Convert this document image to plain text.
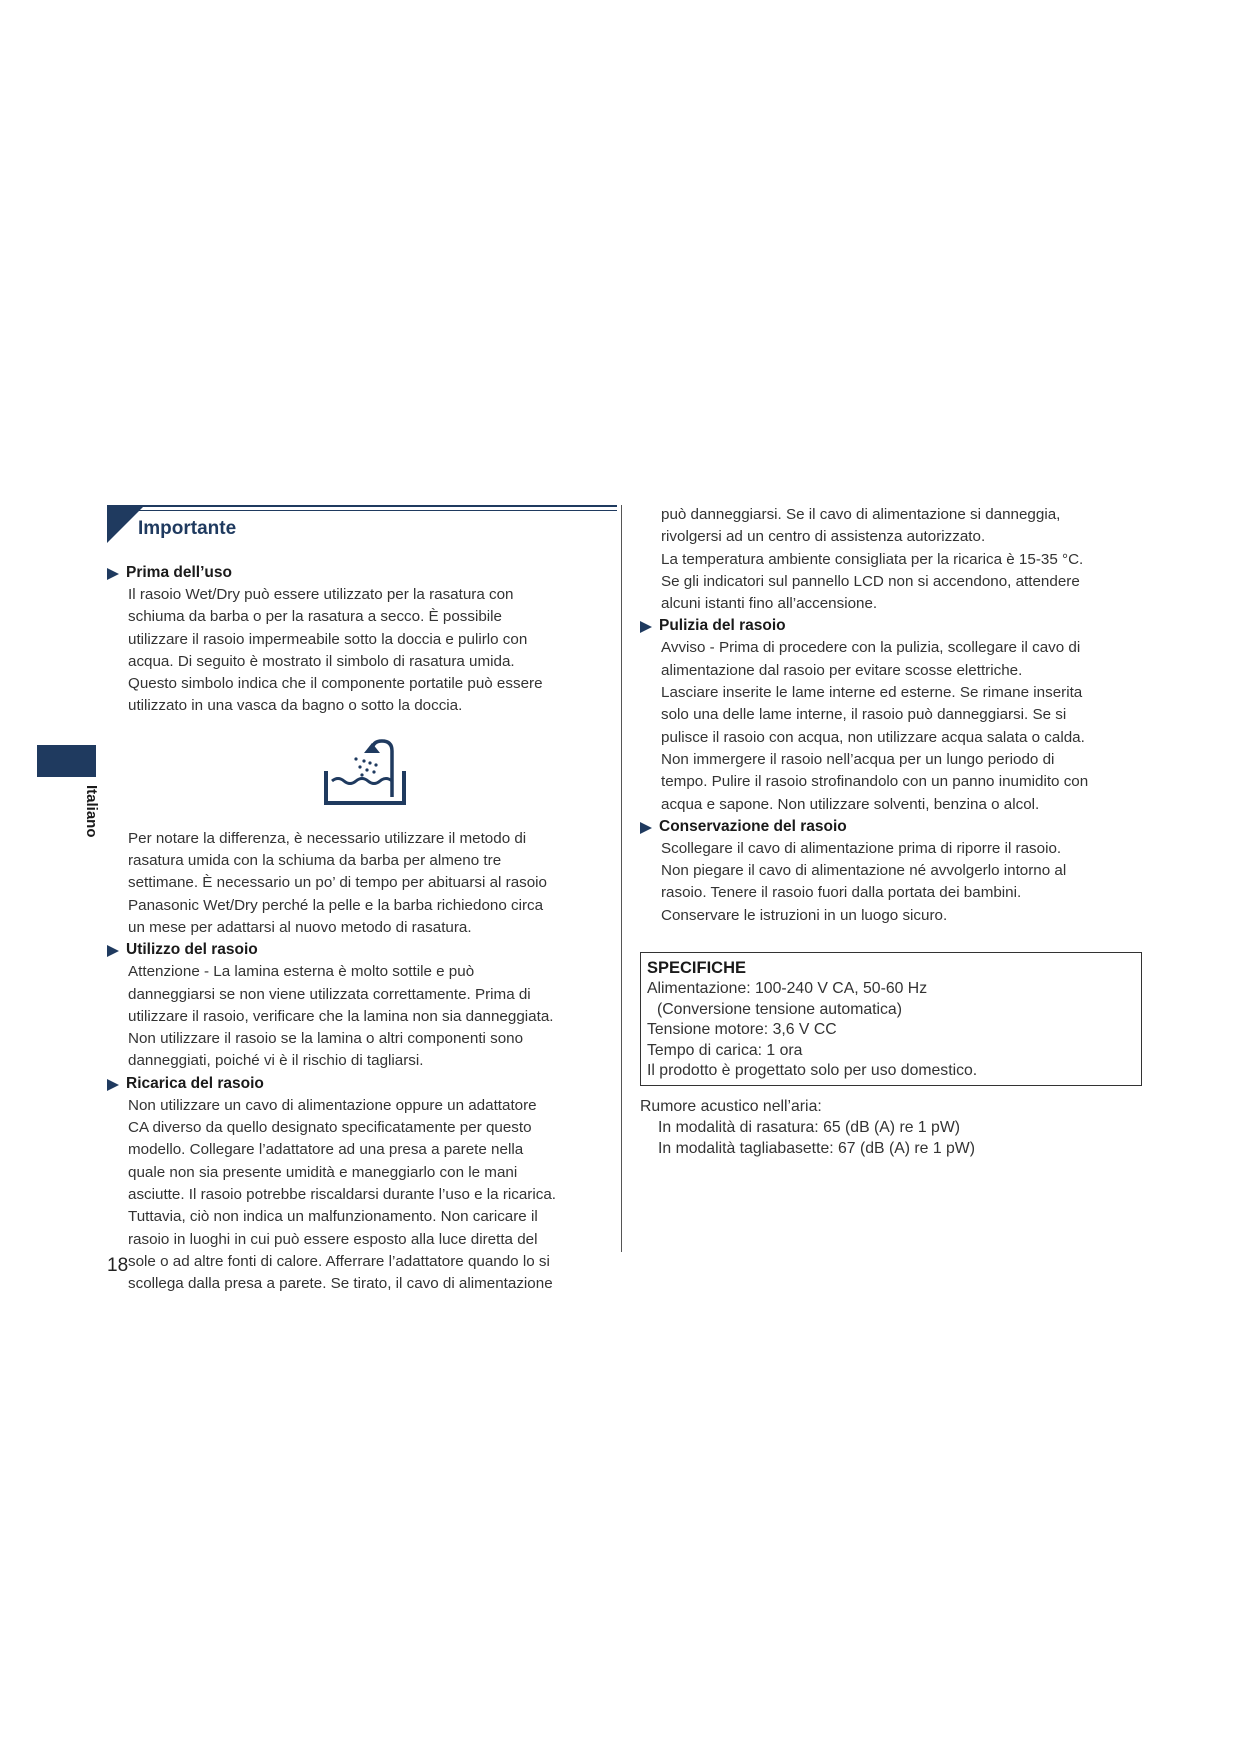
Italiano
Importante
Prima dell’uso
Il rasoio Wet/Dry può essere utilizzato per la rasatura con
schiuma da barba o per la rasatura a secco. È possibile
utilizzare il rasoio impermeabile sotto la doccia e pulirlo con
acqua. Di seguito è mostrato il simbolo di rasatura umida.
Questo simbolo indica che il componente portatile può essere
utilizzato in una vasca da bagno o sotto la doccia.
Per notare la differenza, è necessario utilizzare il metodo di
rasatura umida con la schiuma da barba per almeno tre
settimane. È necessario un po’ di tempo per abituarsi al rasoio
Panasonic Wet/Dry perché la pelle e la barba richiedono circa
un mese per adattarsi al nuovo metodo di rasatura.
Utilizzo del rasoio
Attenzione - La lamina esterna è molto sottile e può
danneggiarsi se non viene utilizzata correttamente. Prima di
utilizzare il rasoio, verificare che la lamina non sia danneggiata.
Non utilizzare il rasoio se la lamina o altri componenti sono
danneggiati, poiché vi è il rischio di tagliarsi.
Ricarica del rasoio
Non utilizzare un cavo di alimentazione oppure un adattatore
CA diverso da quello designato specificatamente per questo
modello. Collegare l’adattatore ad una presa a parete nella
quale non sia presente umidità e maneggiarlo con le mani
asciutte. Il rasoio potrebbe riscaldarsi durante l’uso e la ricarica.
Tuttavia, ciò non indica un malfunzionamento. Non caricare il
rasoio in luoghi in cui può essere esposto alla luce diretta del
sole o ad altre fonti di calore. Afferrare l’adattatore quando lo si
scollega dalla presa a parete. Se tirato, il cavo di alimentazione
può danneggiarsi. Se il cavo di alimentazione si danneggia,
rivolgersi ad un centro di assistenza autorizzato.
La temperatura ambiente consigliata per la ricarica è 15-35 °C.
Se gli indicatori sul pannello LCD non si accendono, attendere
alcuni istanti fino all’accensione.
Pulizia del rasoio
Avviso - Prima di procedere con la pulizia, scollegare il cavo di
alimentazione dal rasoio per evitare scosse elettriche.
Lasciare inserite le lame interne ed esterne. Se rimane inserita
solo una delle lame interne, il rasoio può danneggiarsi. Se si
pulisce il rasoio con acqua, non utilizzare acqua salata o calda.
Non immergere il rasoio nell’acqua per un lungo periodo di
tempo. Pulire il rasoio strofinandolo con un panno inumidito con
acqua e sapone. Non utilizzare solventi, benzina o alcol.
Conservazione del rasoio
Scollegare il cavo di alimentazione prima di riporre il rasoio.
Non piegare il cavo di alimentazione né avvolgerlo intorno al
rasoio. Tenere il rasoio fuori dalla portata dei bambini.
Conservare le istruzioni in un luogo sicuro.
SPECIFICHE
Alimentazione: 100-240 V CA, 50-60 Hz
(Conversione tensione automatica)
Tensione motore: 3,6 V CC
Tempo di carica: 1 ora
Il prodotto è progettato solo per uso domestico.
Rumore acustico nell’aria:
In modalità di rasatura: 65 (dB (A) re 1 pW)
In modalità tagliabasette: 67 (dB (A) re 1 pW)
18
